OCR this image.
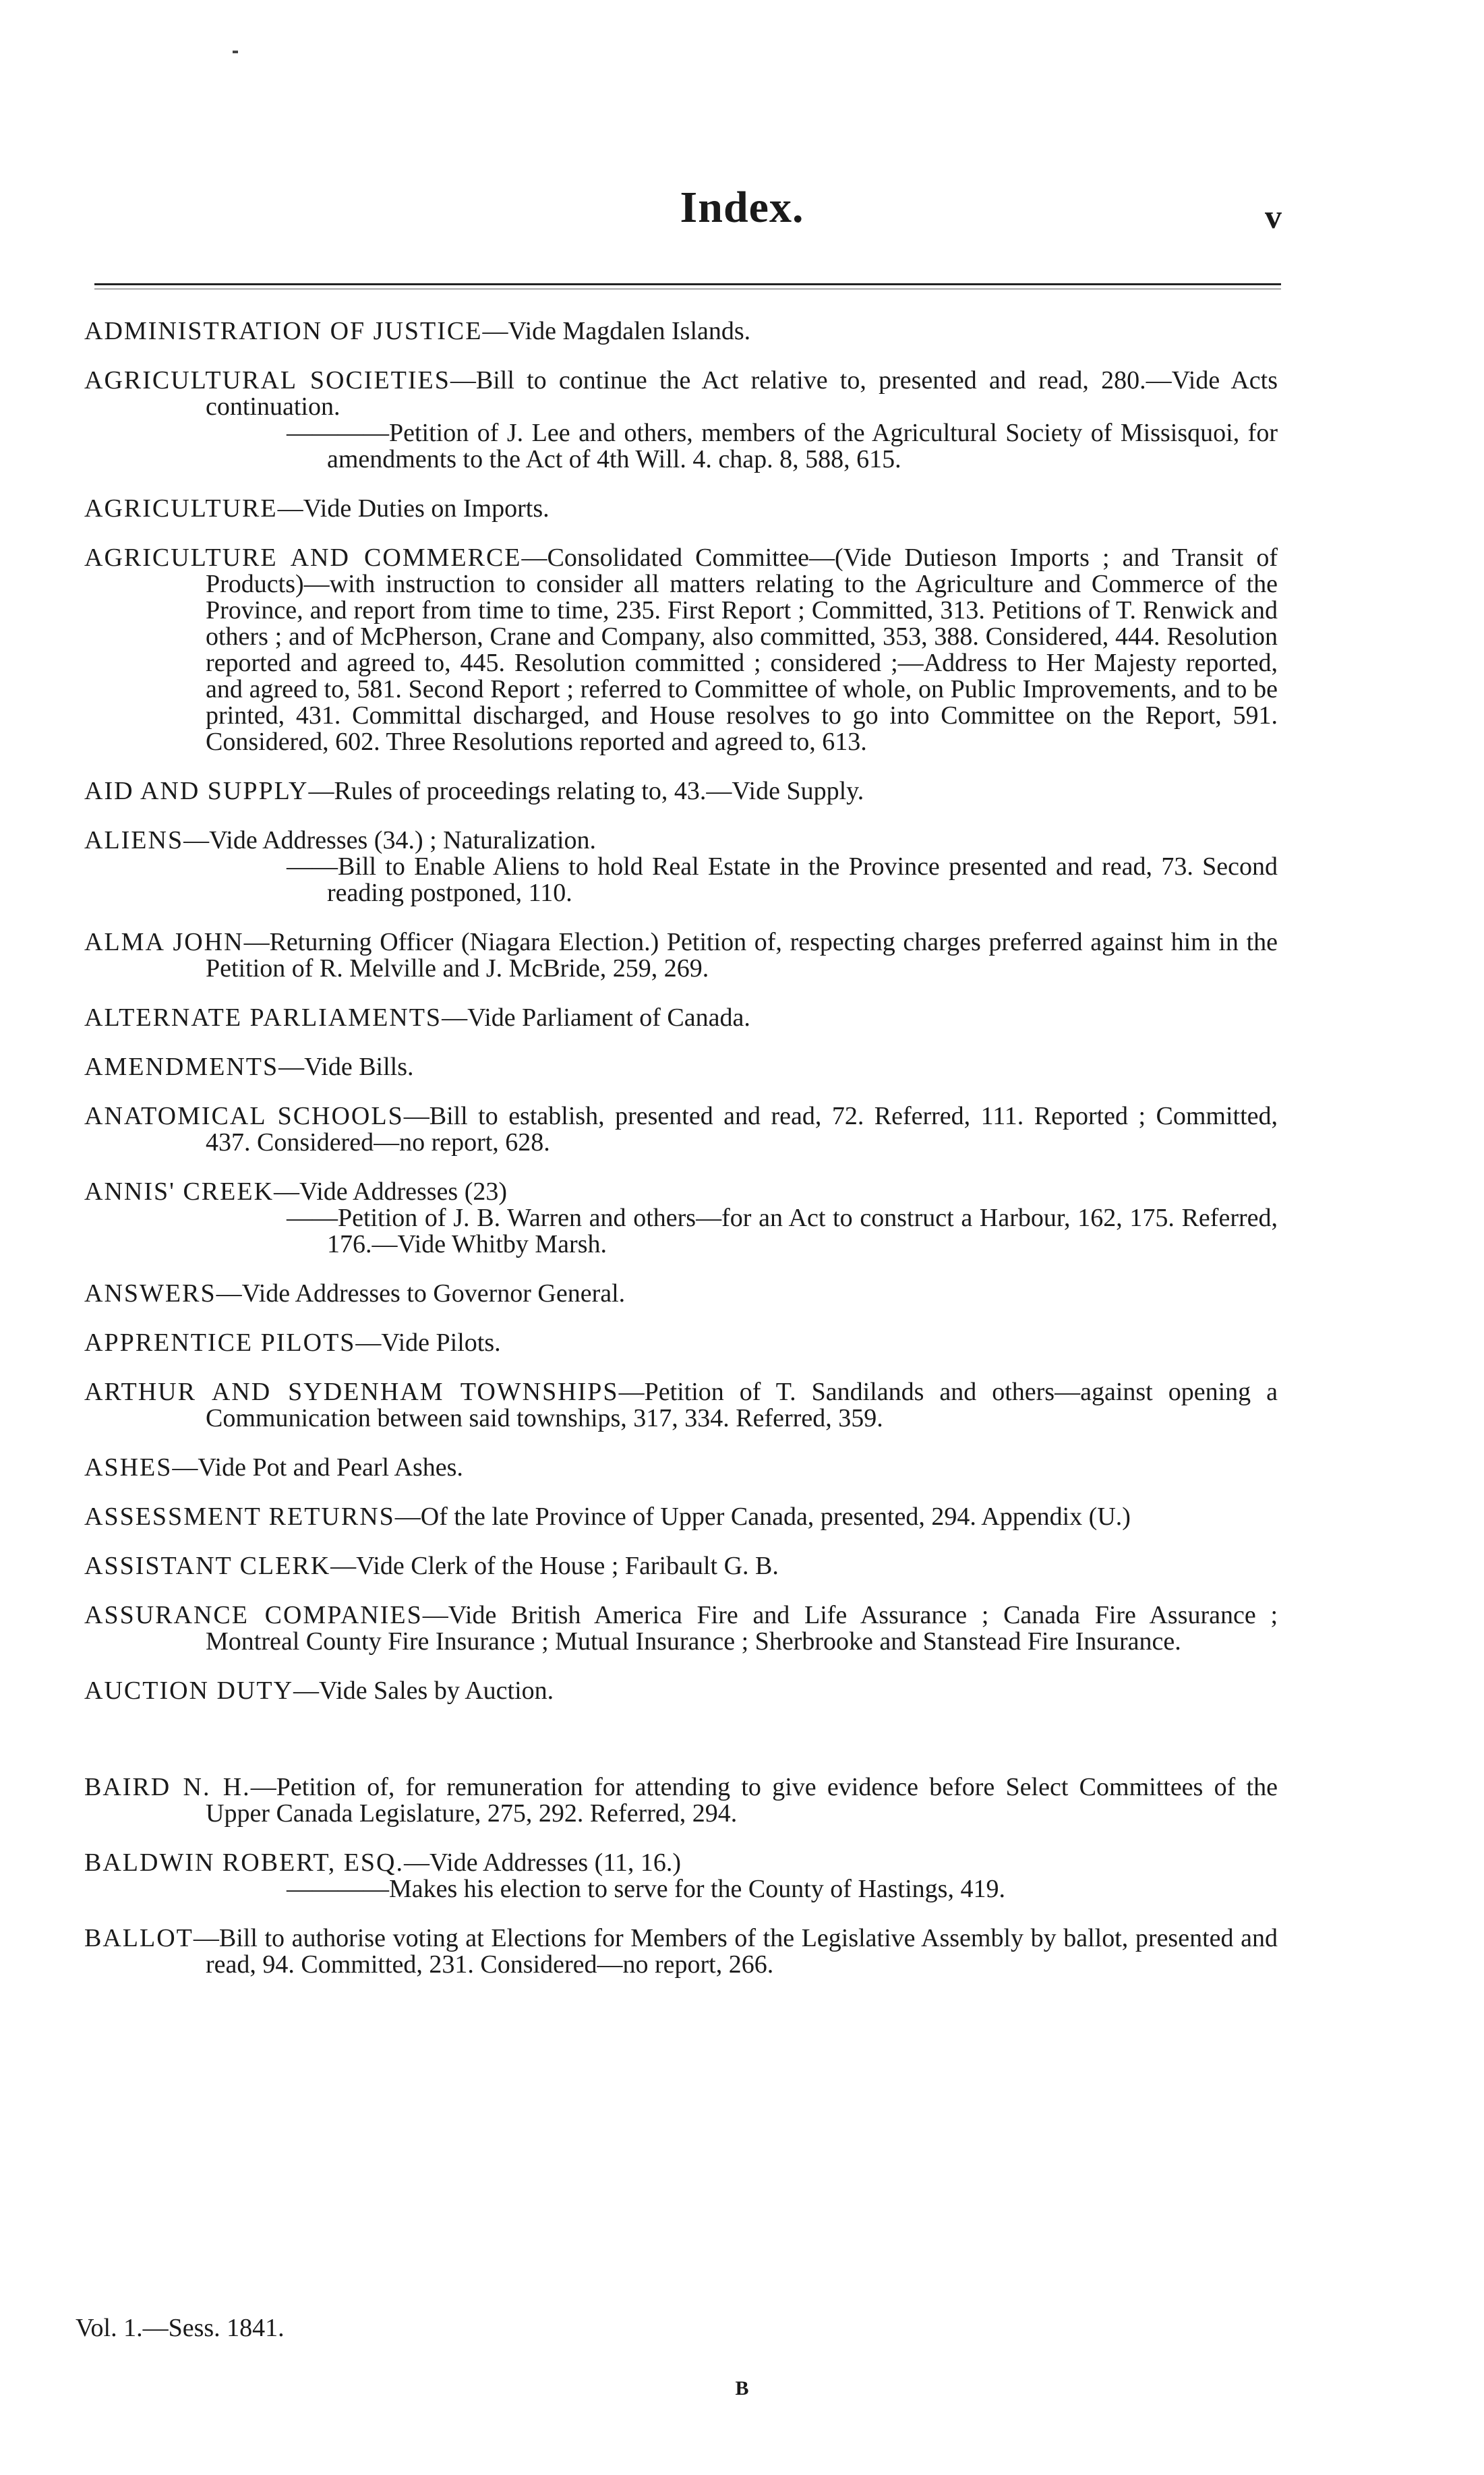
Index.	v
ADMINISTRATION OF JUSTICE—Vide Magdalen Islands.
AGRICULTURAL SOCIETIES—Bill to continue the Act relative to, presented and read, 280.—Vide Acts continuation.
————Petition of J. Lee and others, members of the Agricultural Society of Missisquoi, for amendments to the Act of 4th Will. 4. chap. 8, 588, 615.
AGRICULTURE—Vide Duties on Imports.
AGRICULTURE AND COMMERCE—Consolidated Committee—(Vide Dutieson Imports ; and Transit of Products)—with instruction to consider all matters relating to the Agriculture and Commerce of the Province, and report from time to time, 235. First Report ; Committed, 313. Petitions of T. Renwick and others ; and of McPherson, Crane and Company, also committed, 353, 388. Considered, 444. Resolution reported and agreed to, 445. Resolution committed ; considered ;—Address to Her Majesty reported, and agreed to, 581. Second Report ; referred to Committee of whole, on Public Improvements, and to be printed, 431. Committal discharged, and House resolves to go into Committee on the Report, 591. Considered, 602. Three Resolutions reported and agreed to, 613.
AID AND SUPPLY—Rules of proceedings relating to, 43.—Vide Supply.
ALIENS—Vide Addresses (34.) ; Naturalization.
——Bill to Enable Aliens to hold Real Estate in the Province presented and read, 73. Second reading postponed, 110.
ALMA JOHN—Returning Officer (Niagara Election.) Petition of, respecting charges preferred against him in the Petition of R. Melville and J. McBride, 259, 269.
ALTERNATE PARLIAMENTS—Vide Parliament of Canada.
AMENDMENTS—Vide Bills.
ANATOMICAL SCHOOLS—Bill to establish, presented and read, 72. Referred, 111. Reported ; Committed, 437. Considered—no report, 628.
ANNIS' CREEK—Vide Addresses (23)
——Petition of J. B. Warren and others—for an Act to construct a Harbour, 162, 175. Referred, 176.—Vide Whitby Marsh.
ANSWERS—Vide Addresses to Governor General.
APPRENTICE PILOTS—Vide Pilots.
ARTHUR AND SYDENHAM TOWNSHIPS—Petition of T. Sandilands and others—against opening a Communication between said townships, 317, 334. Referred, 359.
ASHES—Vide Pot and Pearl Ashes.
ASSESSMENT RETURNS—Of the late Province of Upper Canada, presented, 294. Appendix (U.)
ASSISTANT CLERK—Vide Clerk of the House ; Faribault G. B.
ASSURANCE COMPANIES—Vide British America Fire and Life Assurance ; Canada Fire Assurance ; Montreal County Fire Insurance ; Mutual Insurance ; Sherbrooke and Stanstead Fire Insurance.
AUCTION DUTY—Vide Sales by Auction.
BAIRD N. H.—Petition of, for remuneration for attending to give evidence before Select Committees of the Upper Canada Legislature, 275, 292. Referred, 294.
BALDWIN ROBERT, ESQ.—Vide Addresses (11, 16.)
————Makes his election to serve for the County of Hastings, 419.
BALLOT—Bill to authorise voting at Elections for Members of the Legislative Assembly by ballot, presented and read, 94. Committed, 231. Considered—no report, 266.
Vol. 1.—Sess. 1841.
B
